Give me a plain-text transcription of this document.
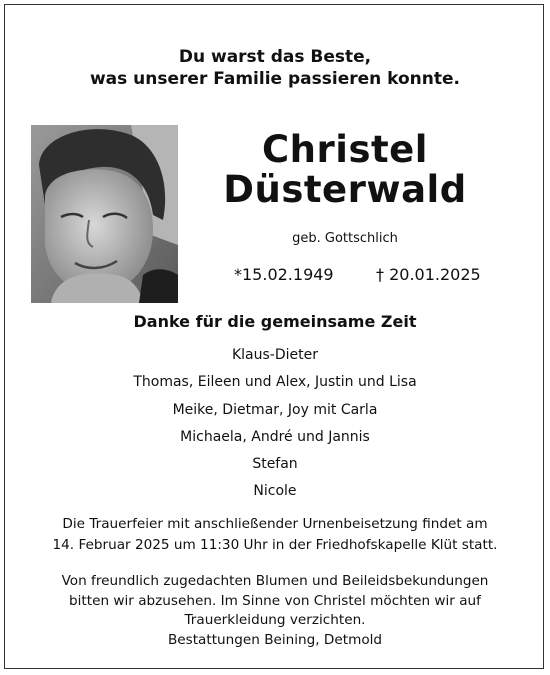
Du warst das Beste,
was unserer Familie passieren konnte.
Christel
Düsterwald
geb. Gottschlich
*15.02.1949	† 20.01.2025
Danke für die gemeinsame Zeit
Klaus-Dieter
Thomas, Eileen und Alex, Justin und Lisa
Meike, Dietmar, Joy mit Carla
Michaela, André und Jannis
Stefan
Nicole
Die Trauerfeier mit anschließender Urnenbeisetzung findet am
14. Februar 2025 um 11:30 Uhr in der Friedhofskapelle Klüt statt.
Von freundlich zugedachten Blumen und Beileidsbekundungen
bitten wir abzusehen. Im Sinne von Christel möchten wir auf
Trauerkleidung verzichten.
Bestattungen Beining, Detmold
